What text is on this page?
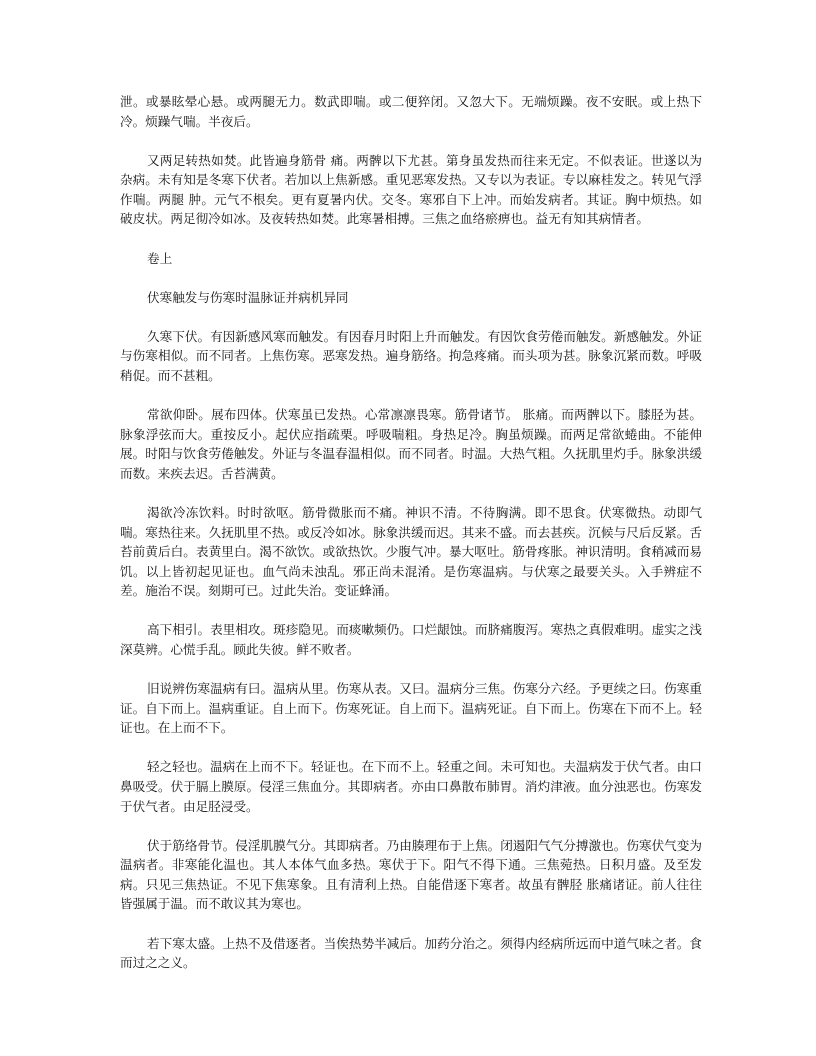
泄。或暴眩晕心悬。或两腿无力。数武即喘。或二便猝闭。又忽大下。无端烦躁。夜不安眠。或上热下冷。烦躁气喘。半夜后。

又两足转热如焚。此皆遍身筋骨 痛。两髀以下尤甚。第身虽发热而往来无定。不似表证。世遂以为杂病。未有知是冬寒下伏者。若加以上焦新感。重见恶寒发热。又专以为表证。专以麻桂发之。转见气浮作喘。两腿 肿。元气不根矣。更有夏暑内伏。交冬。寒邪自下上冲。而始发病者。其证。胸中烦热。如破皮状。两足彻冷如冰。及夜转热如焚。此寒暑相搏。三焦之血络瘀痹也。益无有知其病情者。

卷上

伏寒触发与伤寒时温脉证并病机异同

久寒下伏。有因新感风寒而触发。有因春月时阳上升而触发。有因饮食劳倦而触发。新感触发。外证与伤寒相似。而不同者。上焦伤寒。恶寒发热。遍身筋络。拘急疼痛。而头项为甚。脉象沉紧而数。呼吸稍促。而不甚粗。

常欲仰卧。展布四体。伏寒虽已发热。心常凛凛畏寒。筋骨诸节。 胀痛。而两髀以下。膝胫为甚。脉象浮弦而大。重按反小。起伏应指疏栗。呼吸喘粗。身热足冷。胸虽烦躁。而两足常欲蜷曲。不能伸展。时阳与饮食劳倦触发。外证与冬温春温相似。而不同者。时温。大热气粗。久抚肌里灼手。脉象洪缓而数。来疾去迟。舌苔满黄。

渴欲冷冻饮料。时时欲呕。筋骨微胀而不痛。神识不清。不待胸满。即不思食。伏寒微热。动即气喘。寒热往来。久抚肌里不热。或反冷如冰。脉象洪缓而迟。其来不盛。而去甚疾。沉候与尺后反紧。舌苔前黄后白。表黄里白。渴不欲饮。或欲热饮。少腹气冲。暴大呕吐。筋骨疼胀。神识清明。食稍减而易饥。以上皆初起见证也。血气尚未浊乱。邪正尚未混淆。是伤寒温病。与伏寒之最要关头。入手辨症不差。施治不误。刻期可已。过此失治。变证蜂涌。

高下相引。表里相攻。斑疹隐见。而痰嗽频仍。口烂龈蚀。而脐痛腹泻。寒热之真假难明。虚实之浅深莫辨。心慌手乱。顾此失彼。鲜不败者。

旧说辨伤寒温病有曰。温病从里。伤寒从表。又曰。温病分三焦。伤寒分六经。予更续之曰。伤寒重证。自下而上。温病重证。自上而下。伤寒死证。自上而下。温病死证。自下而上。伤寒在下而不上。轻证也。在上而不下。

轻之轻也。温病在上而不下。轻证也。在下而不上。轻重之间。未可知也。夫温病发于伏气者。由口鼻吸受。伏于膈上膜原。侵淫三焦血分。其即病者。亦由口鼻散布肺胃。消灼津液。血分浊恶也。伤寒发于伏气者。由足胫浸受。

伏于筋络骨节。侵淫肌膜气分。其即病者。乃由腠理布于上焦。闭遏阳气气分搏激也。伤寒伏气变为温病者。非寒能化温也。其人本体气血多热。寒伏于下。阳气不得下通。三焦菀热。日积月盛。及至发病。只见三焦热证。不见下焦寒象。且有清利上热。自能借逐下寒者。故虽有髀胫 胀痛诸证。前人往往皆强属于温。而不敢议其为寒也。

若下寒太盛。上热不及借逐者。当俟热势半减后。加药分治之。须得内经病所远而中道气味之者。食而过之之义。
